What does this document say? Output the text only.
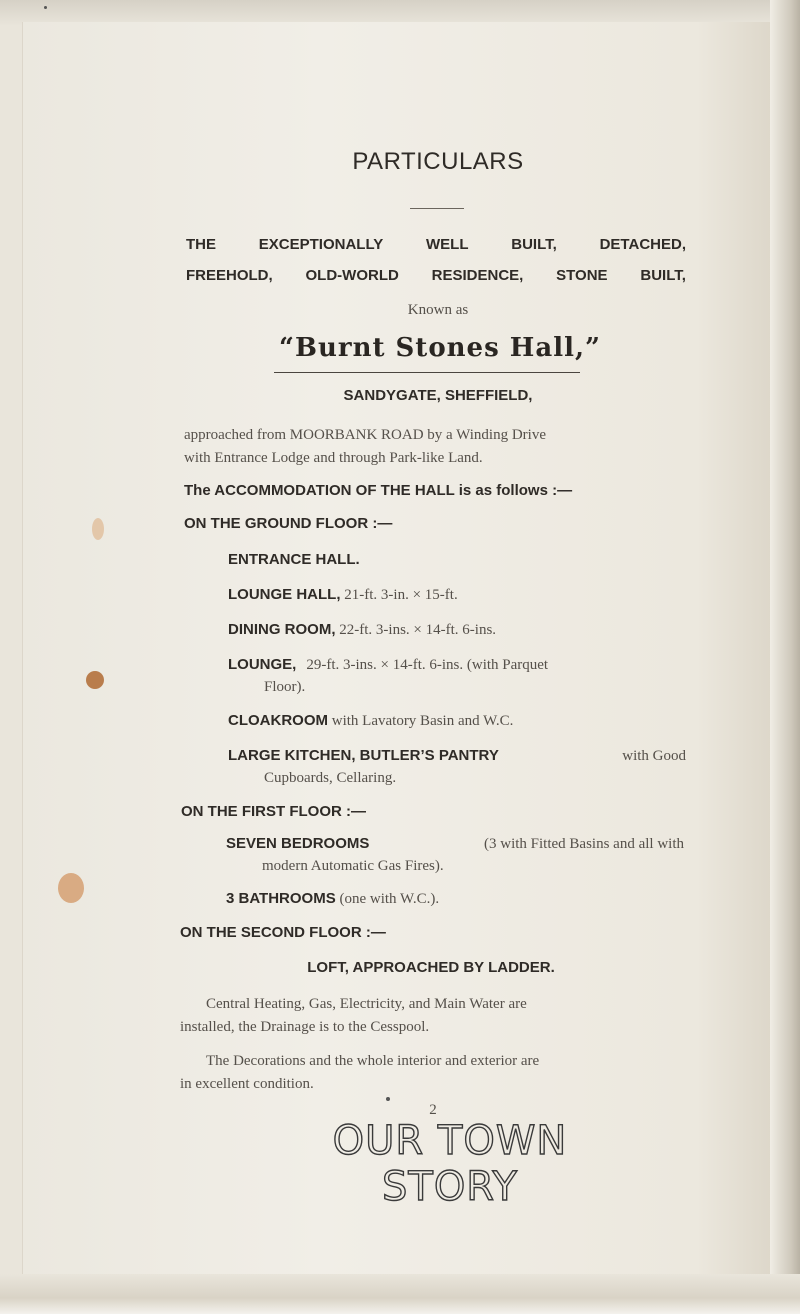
PARTICULARS
THE	EXCEPTIONALLY	WELL	BUILT,	DETACHED,
FREEHOLD, OLD-WORLD RESIDENCE, STONE BUILT,
Known as
“Burnt Stones Hall,”
SANDYGATE, SHEFFIELD,
approached from MOORBANK ROAD by a Winding Drive
with Entrance Lodge and through Park-like Land.
The ACCOMMODATION OF THE HALL is as follows :—
ON THE GROUND FLOOR :—
ENTRANCE HALL.
LOUNGE HALL, 21-ft. 3-in. × 15-ft.
DINING ROOM, 22-ft. 3-ins. × 14-ft. 6-ins.
LOUNGE, 29-ft. 3-ins. × 14-ft. 6-ins. (with Parquet
Floor).
CLOAKROOM with Lavatory Basin and W.C.
LARGE KITCHEN, BUTLER’S PANTRY	with Good
Cupboards, Cellaring.
ON THE FIRST FLOOR :—
SEVEN BEDROOMS	(3 with Fitted Basins and all with
modern Automatic Gas Fires).
3 BATHROOMS (one with W.C.).
ON THE SECOND FLOOR :—
LOFT, APPROACHED BY LADDER.
Central Heating, Gas, Electricity, and Main Water are
installed, the Drainage is to the Cesspool.
The Decorations and the whole interior and exterior are
in excellent condition.
2
OUR TOWN STORY
